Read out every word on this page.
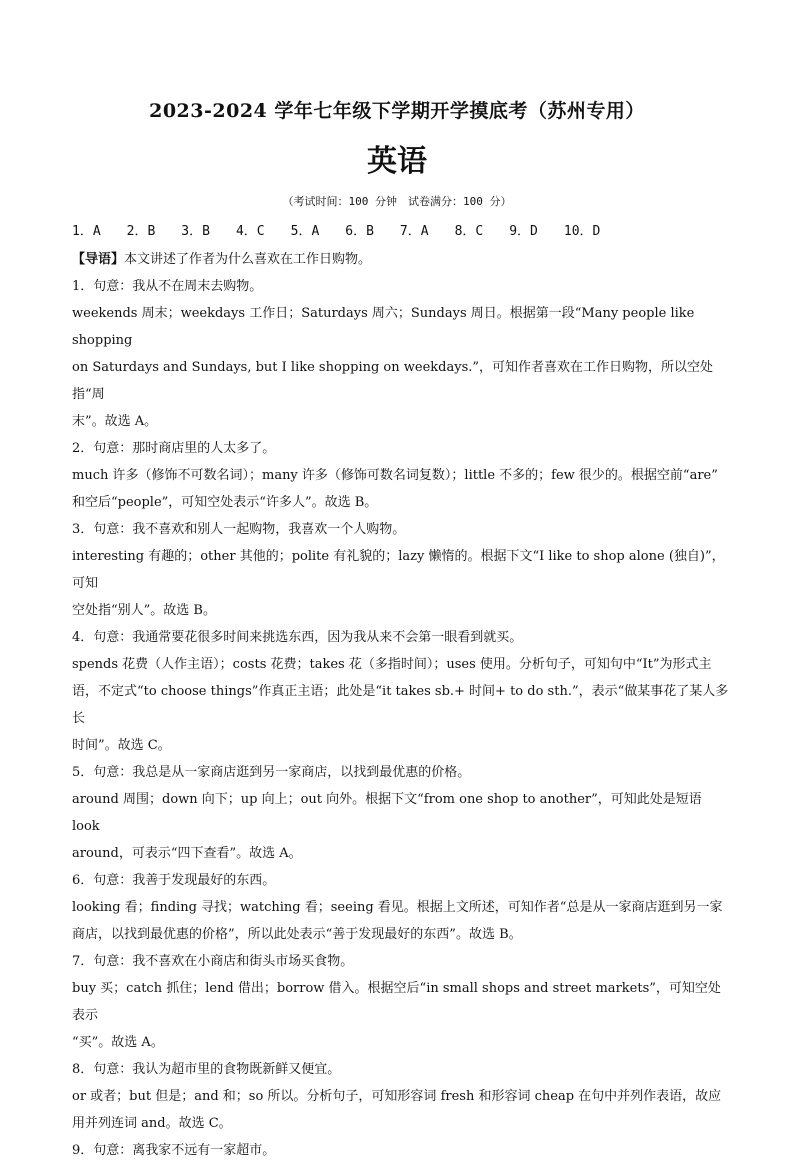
2023-2024 学年七年级下学期开学摸底考（苏州专用）
英语
（考试时间：100 分钟　试卷满分：100 分）
1．A　　2．B　　3．B　　4．C　　5．A　　6．B　　7．A　　8．C　　9．D　　10．D

【导语】本文讲述了作者为什么喜欢在工作日购物。

1．句意：我从不在周末去购物。

weekends 周末；weekdays 工作日；Saturdays 周六；Sundays 周日。根据第一段“Many people like shopping

on Saturdays and Sundays, but I like shopping on weekdays.”，可知作者喜欢在工作日购物，所以空处指“周

末”。故选 A。

2．句意：那时商店里的人太多了。

much 许多（修饰不可数名词）；many 许多（修饰可数名词复数）；little 不多的；few 很少的。根据空前“are”

和空后“people”，可知空处表示“许多人”。故选 B。

3．句意：我不喜欢和别人一起购物，我喜欢一个人购物。

interesting 有趣的；other 其他的；polite 有礼貌的；lazy 懒惰的。根据下文“I like to shop alone (独自)”，可知

空处指“别人”。故选 B。

4．句意：我通常要花很多时间来挑选东西，因为我从来不会第一眼看到就买。

spends 花费（人作主语）；costs 花费；takes 花（多指时间）；uses 使用。分析句子，可知句中“It”为形式主

语，不定式“to choose things”作真正主语；此处是“it takes sb.+ 时间+ to do sth.”，表示“做某事花了某人多长

时间”。故选 C。

5．句意：我总是从一家商店逛到另一家商店，以找到最优惠的价格。

around 周围；down 向下；up 向上；out 向外。根据下文“from one shop to another”，可知此处是短语 look

around，可表示“四下查看”。故选 A。

6．句意：我善于发现最好的东西。

looking 看；finding 寻找；watching 看；seeing 看见。根据上文所述，可知作者“总是从一家商店逛到另一家

商店，以找到最优惠的价格”，所以此处表示“善于发现最好的东西”。故选 B。

7．句意：我不喜欢在小商店和街头市场买食物。

buy 买；catch 抓住；lend 借出；borrow 借入。根据空后“in small shops and street markets”，可知空处表示

“买”。故选 A。

8．句意：我认为超市里的食物既新鲜又便宜。

or 或者；but 但是；and 和；so 所以。分析句子，可知形容词 fresh 和形容词 cheap 在句中并列作表语，故应

用并列连词 and。故选 C。

9．句意：离我家不远有一家超市。
